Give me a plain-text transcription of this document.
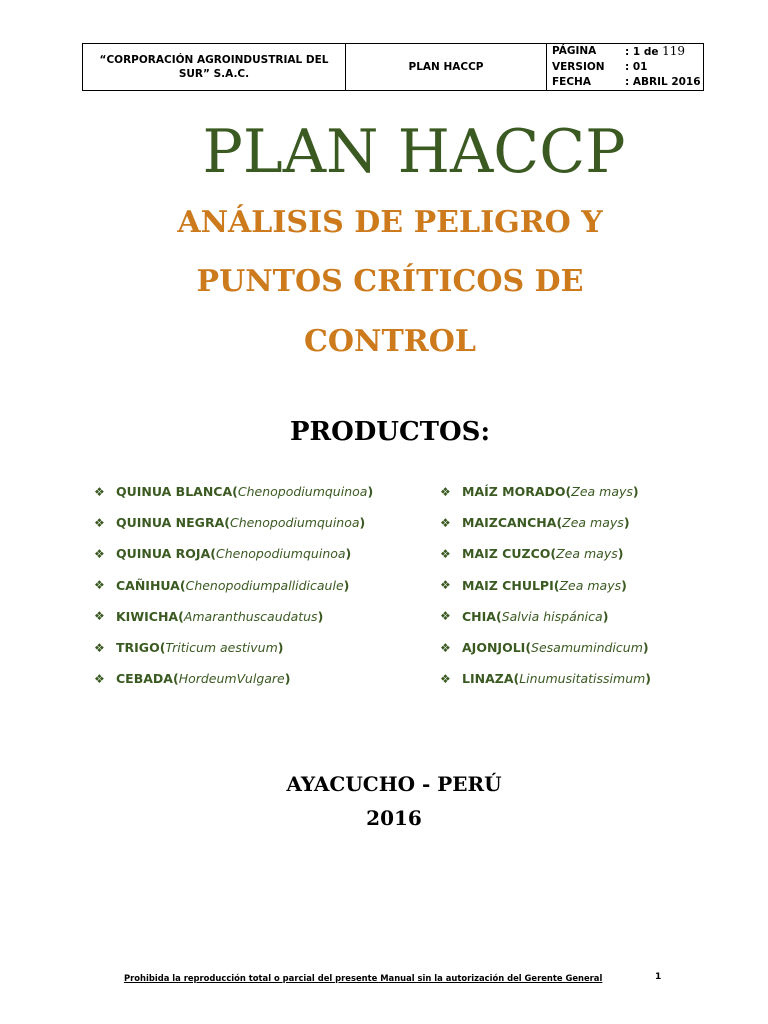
“CORPORACIÓN AGROINDUSTRIAL DEL SUR” S.A.C.
PLAN HACCP
PÁGINA	: 1 de 119
VERSION	: 01
FECHA	: ABRIL 2016
PLAN HACCP
ANÁLISIS DE PELIGRO Y
PUNTOS CRÍTICOS DE
CONTROL
PRODUCTOS:
❖ QUINUA BLANCA ( Chenopodiumquinoa )
❖ QUINUA NEGRA ( Chenopodiumquinoa )
❖ QUINUA ROJA ( Chenopodiumquinoa )
❖ CAÑIHUA ( Chenopodiumpallidicaule )
❖ KIWICHA ( Amaranthuscaudatus )
❖ TRIGO ( Triticum aestivum )
❖ CEBADA ( HordeumVulgare )
❖ MAÍZ MORADO ( Zea mays )
❖ MAIZCANCHA ( Zea mays )
❖ MAIZ CUZCO ( Zea mays )
❖ MAIZ CHULPI ( Zea mays )
❖ CHIA ( Salvia hispánica )
❖ AJONJOLI ( Sesamumindicum )
❖ LINAZA ( Linumusitatissimum )
AYACUCHO - PERÚ
2016
Prohibida la reproducción total o parcial del presente Manual sin la autorización del Gerente General	1
